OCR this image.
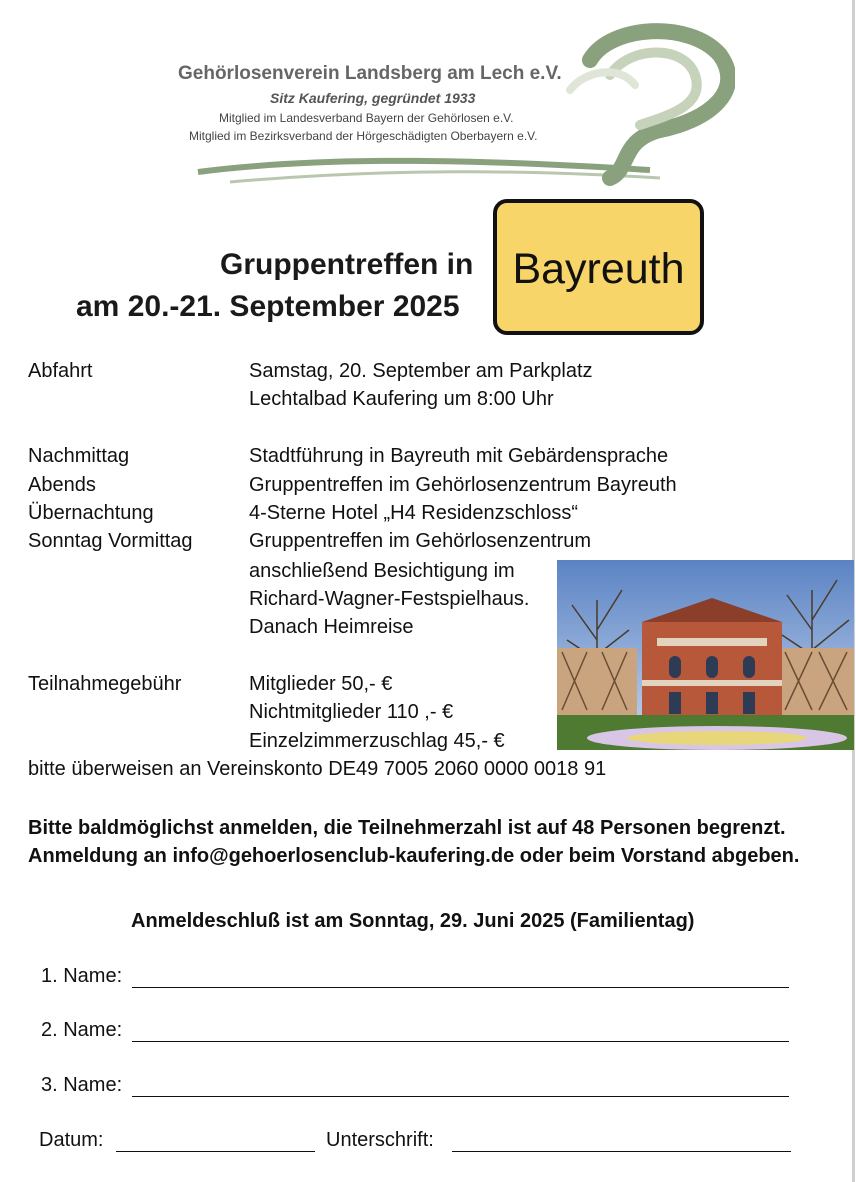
Gehörlosenverein Landsberg am Lech e.V.
Sitz Kaufering, gegründet 1933
Mitglied im Landesverband Bayern der Gehörlosen e.V.
Mitglied im Bezirksverband der Hörgeschädigten Oberbayern e.V.
Gruppentreffen in
am 20.-21. September 2025
Bayreuth
Abfahrt	Samstag, 20. September am Parkplatz
Lechtalbad Kaufering um 8:00 Uhr
Nachmittag	Stadtführung in Bayreuth mit Gebärdensprache
Abends	Gruppentreffen im Gehörlosenzentrum Bayreuth
Übernachtung	4-Sterne Hotel „H4 Residenzschloss“
Sonntag Vormittag	Gruppentreffen im Gehörlosenzentrum
anschließend Besichtigung im
Richard-Wagner-Festspielhaus.
Danach Heimreise
Teilnahmegebühr	Mitglieder 50,- €
Nichtmitglieder 110 ,- €
Einzelzimmerzuschlag 45,- €
bitte überweisen an Vereinskonto DE49 7005 2060 0000 0018 91
Bitte baldmöglichst anmelden, die Teilnehmerzahl ist auf 48 Personen begrenzt. Anmeldung an info@gehoerlosenclub-kaufering.de oder beim Vorstand abgeben.
Anmeldeschluß ist am Sonntag, 29. Juni 2025 (Familientag)
1. Name:
2. Name:
3. Name:
Datum:	Unterschrift:
